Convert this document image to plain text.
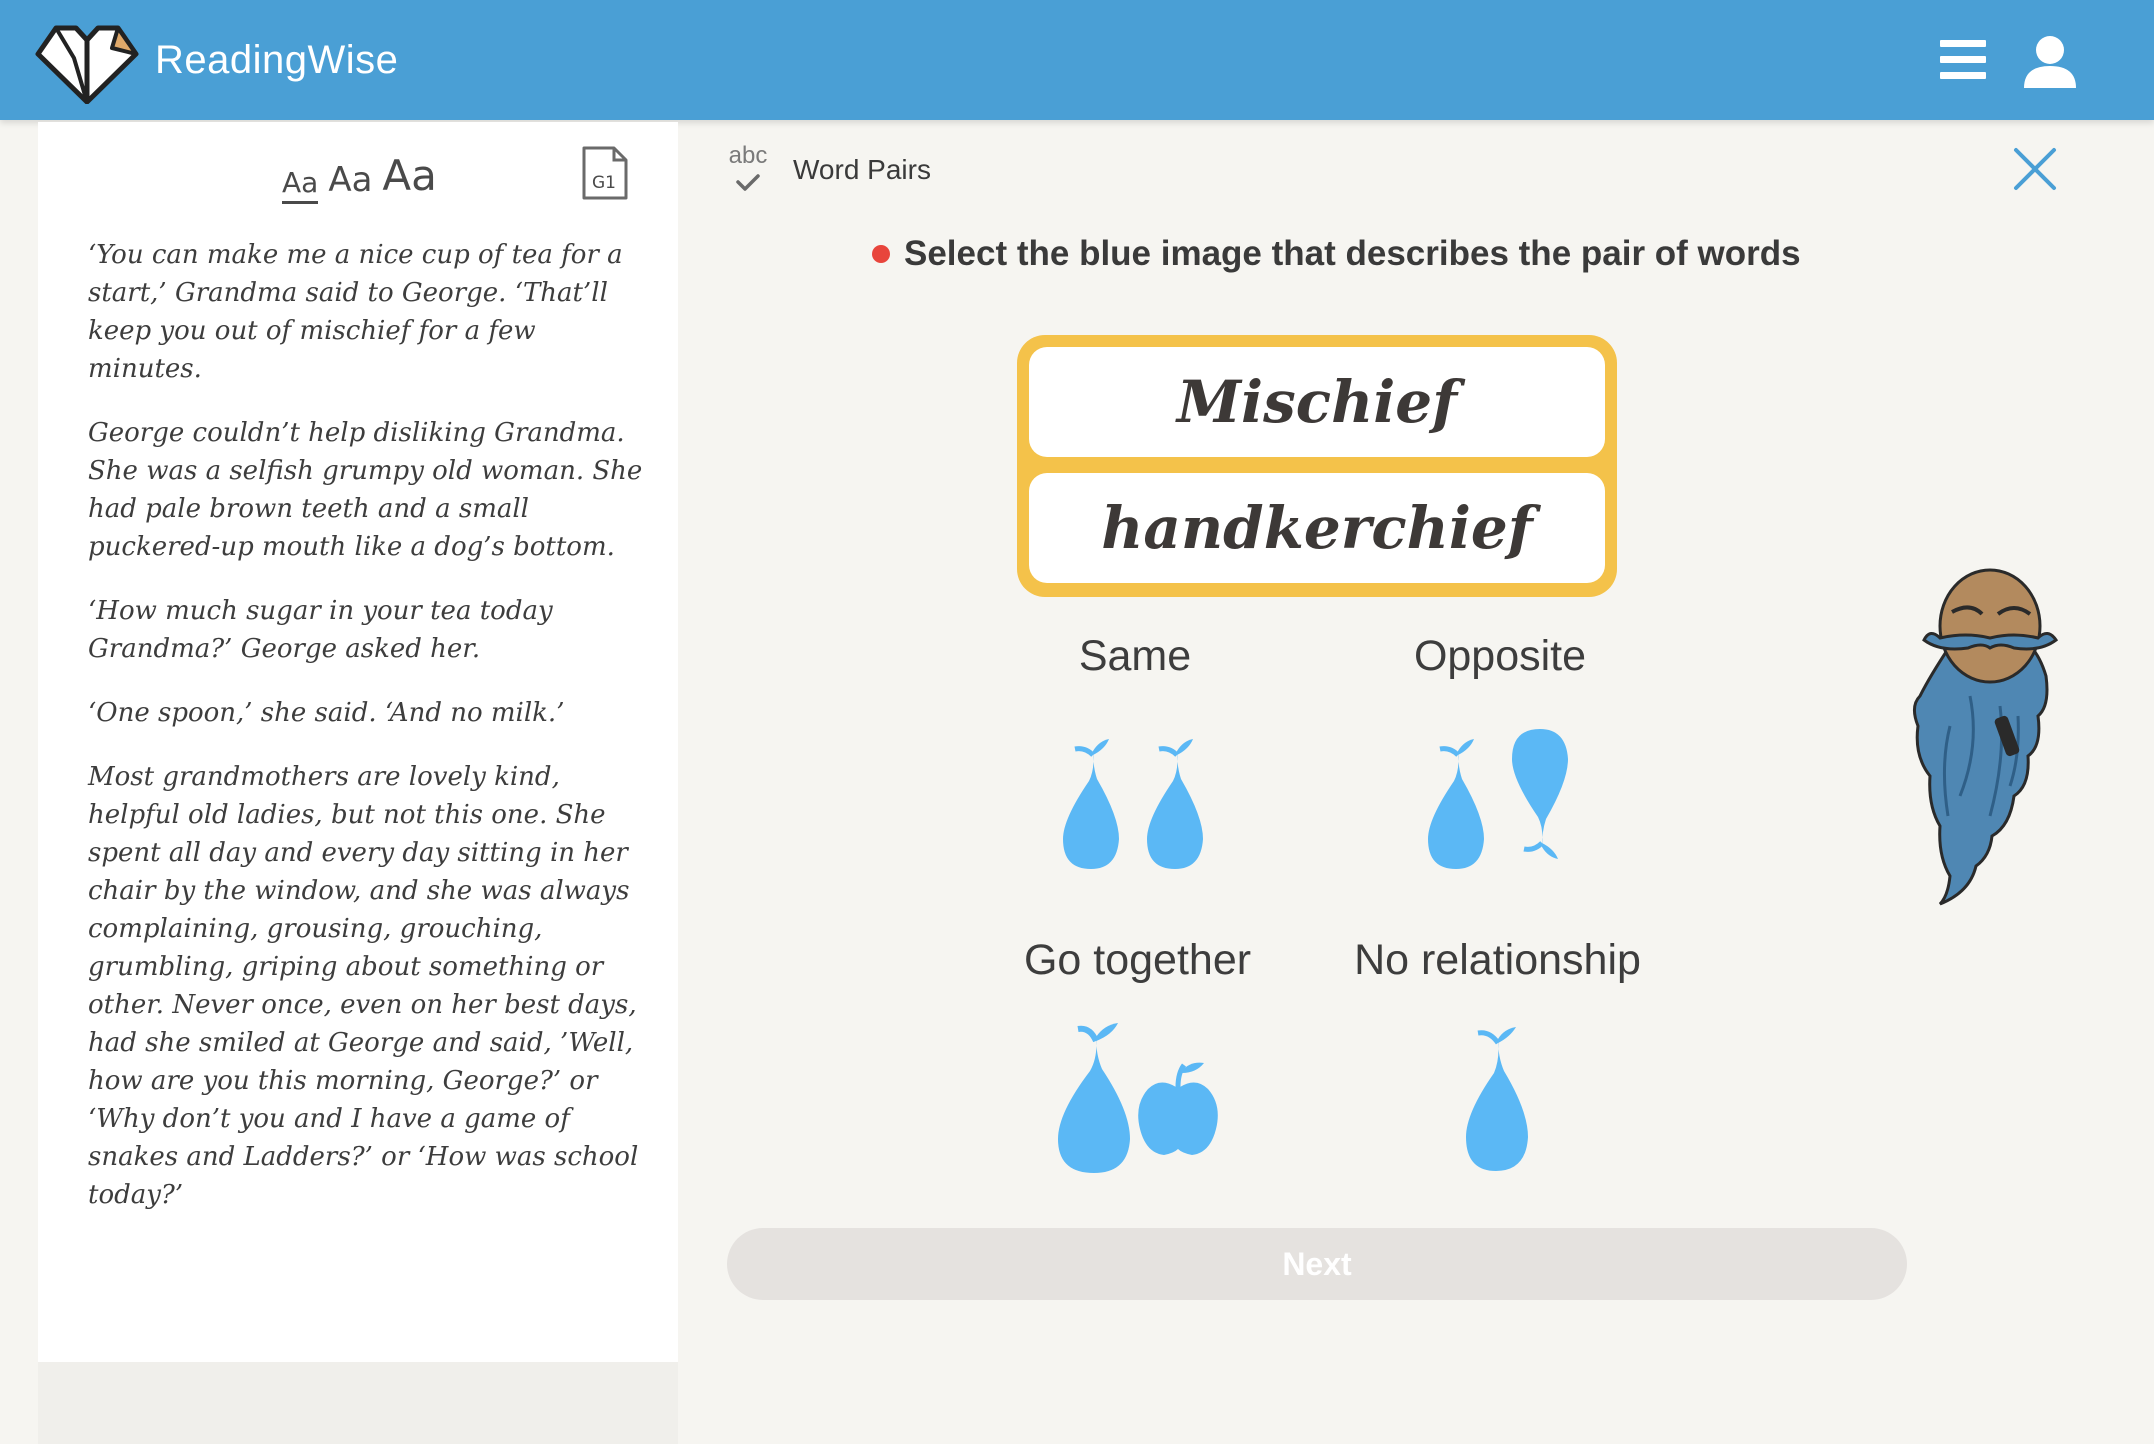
ReadingWise
Aa Aa Aa	G1

‘You can make me a nice cup of tea for a start,’ Grandma said to George. ‘That’ll keep you out of mischief for a few minutes.

George couldn’t help disliking Grandma. She was a selfish grumpy old woman. She had pale brown teeth and a small puckered-up mouth like a dog’s bottom.

‘How much sugar in your tea today Grandma?’ George asked her.

‘One spoon,’ she said. ‘And no milk.’

Most grandmothers are lovely kind, helpful old ladies, but not this one. She spent all day and every day sitting in her chair by the window, and she was always complaining, grousing, grouching, grumbling, griping about something or other. Never once, even on her best days, had she smiled at George and said, ’Well, how are you this morning, George?’ or ‘Why don’t you and I have a game of snakes and Ladders?’ or ‘How was school today?’

abc Word Pairs
Select the blue image that describes the pair of words
Mischief
handkerchief
Same	Opposite
Go together	No relationship
Next
